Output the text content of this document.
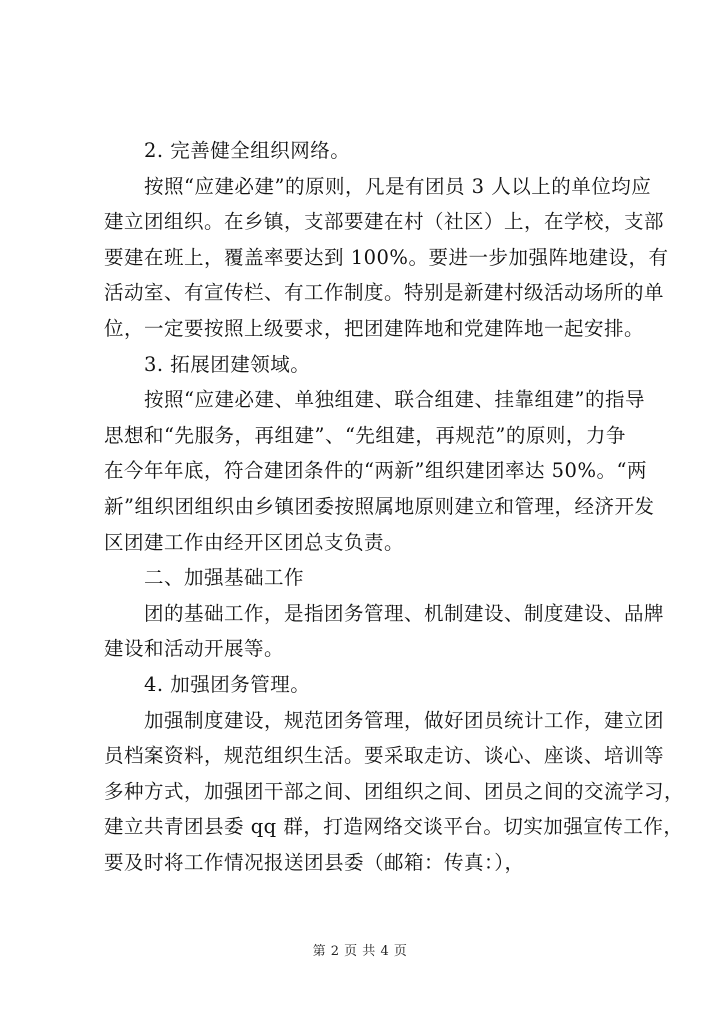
2. 完善健全组织网络。
按照“应建必建”的原则，凡是有团员 3 人以上的单位均应
建立团组织。在乡镇，支部要建在村（社区）上，在学校，支部
要建在班上，覆盖率要达到 100%。要进一步加强阵地建设，有
活动室、有宣传栏、有工作制度。特别是新建村级活动场所的单
位，一定要按照上级要求，把团建阵地和党建阵地一起安排。
3. 拓展团建领域。
按照“应建必建、单独组建、联合组建、挂靠组建”的指导
思想和“先服务，再组建”、“先组建，再规范”的原则，力争
在今年年底，符合建团条件的“两新”组织建团率达 50%。“两
新”组织团组织由乡镇团委按照属地原则建立和管理，经济开发
区团建工作由经开区团总支负责。
二、加强基础工作
团的基础工作，是指团务管理、机制建设、制度建设、品牌
建设和活动开展等。
4. 加强团务管理。
加强制度建设，规范团务管理，做好团员统计工作，建立团
员档案资料，规范组织生活。要采取走访、谈心、座谈、培训等
多种方式，加强团干部之间、团组织之间、团员之间的交流学习，
建立共青团县委 qq 群，打造网络交谈平台。切实加强宣传工作，
要及时将工作情况报送团县委（邮箱：传真：），
第 2 页 共 4 页
